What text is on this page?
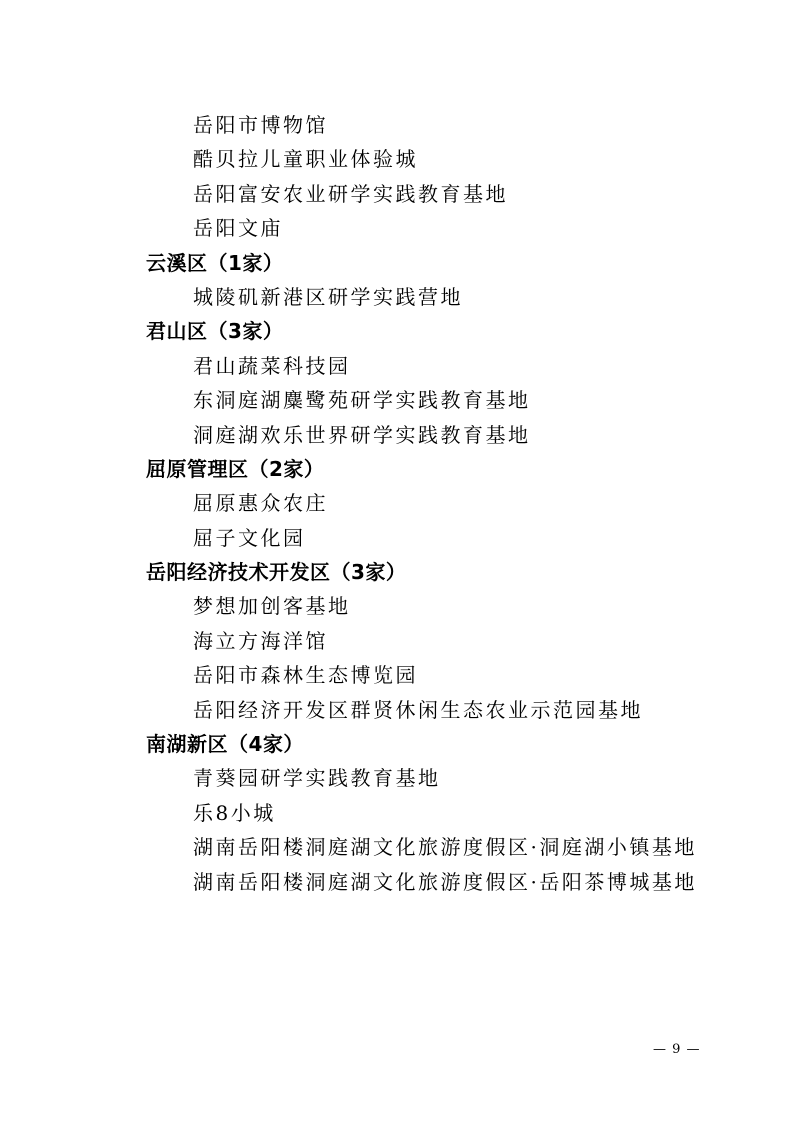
岳阳市博物馆
酷贝拉儿童职业体验城
岳阳富安农业研学实践教育基地
岳阳文庙
云溪区（1家）
城陵矶新港区研学实践营地
君山区（3家）
君山蔬菜科技园
东洞庭湖麋鹭苑研学实践教育基地
洞庭湖欢乐世界研学实践教育基地
屈原管理区（2家）
屈原惠众农庄
屈子文化园
岳阳经济技术开发区（3家）
梦想加创客基地
海立方海洋馆
岳阳市森林生态博览园
岳阳经济开发区群贤休闲生态农业示范园基地
南湖新区（4家）
青葵园研学实践教育基地
乐8小城
湖南岳阳楼洞庭湖文化旅游度假区·洞庭湖小镇基地
湖南岳阳楼洞庭湖文化旅游度假区·岳阳茶博城基地
— 9 —
